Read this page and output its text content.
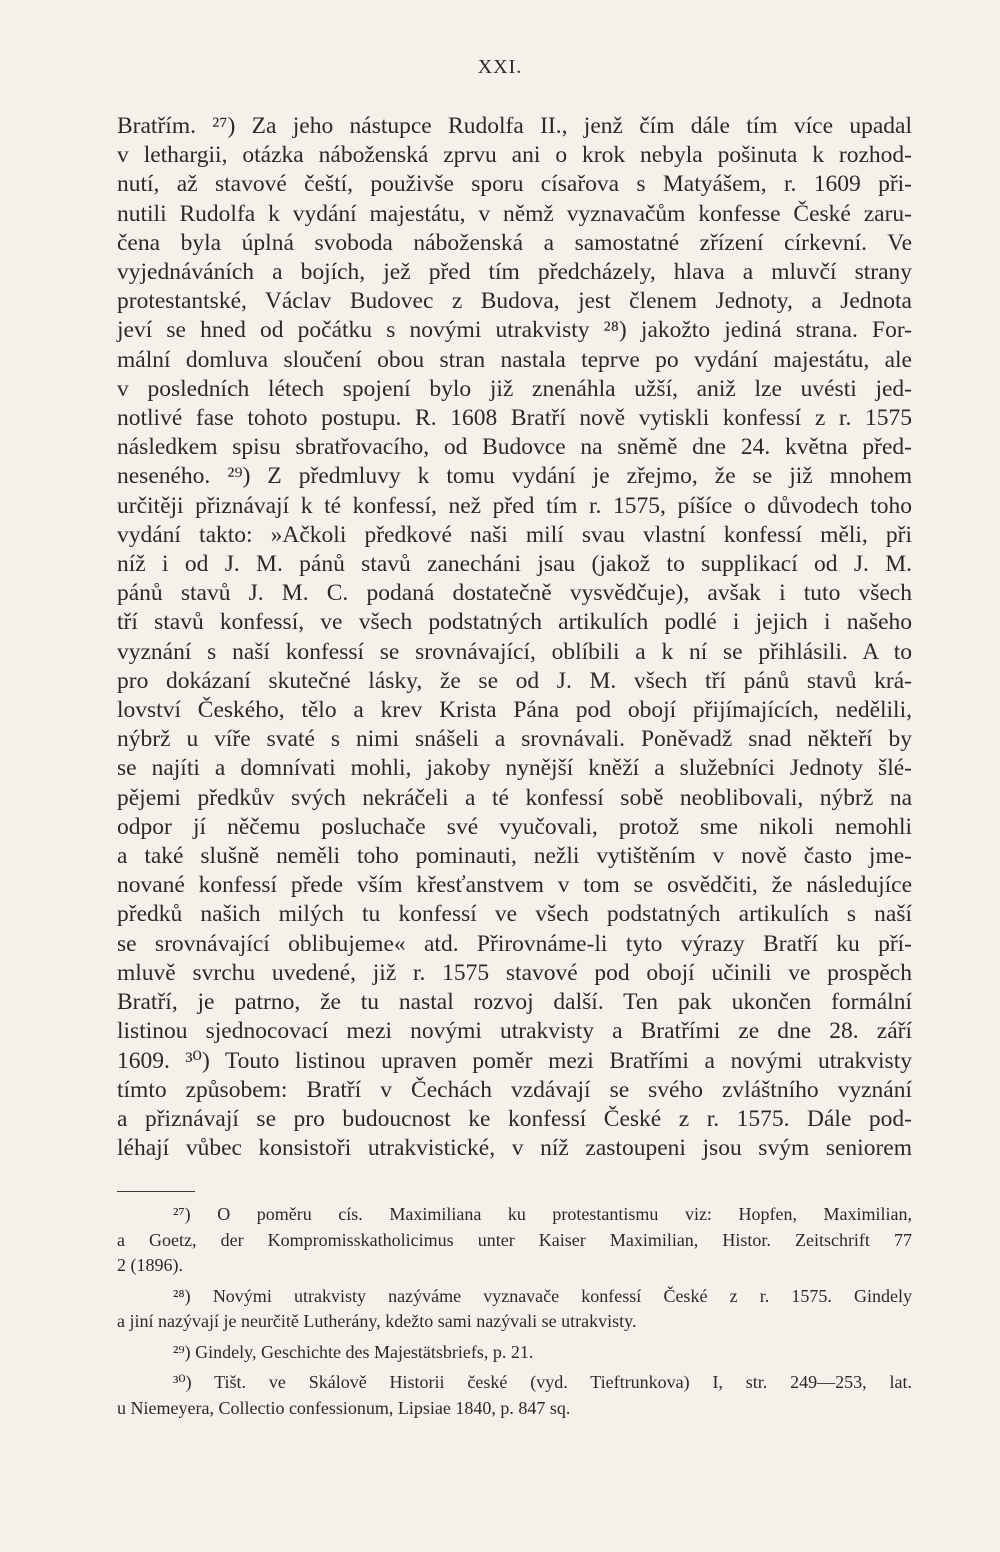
XXI.
Bratřím. ²⁷) Za jeho nástupce Rudolfa II., jenž čím dále tím více upadal
v lethargii, otázka náboženská zprvu ani o krok nebyla pošinuta k rozhod-
nutí, až stavové čeští, použivše sporu císařova s Matyášem, r. 1609 při-
nutili Rudolfa k vydání majestátu, v němž vyznavačům konfesse České zaru-
čena byla úplná svoboda náboženská a samostatné zřízení církevní. Ve
vyjednáváních a bojích, jež před tím předcházely, hlava a mluvčí strany
protestantské, Václav Budovec z Budova, jest členem Jednoty, a Jednota
jeví se hned od počátku s novými utrakvisty ²⁸) jakožto jediná strana. For-
mální domluva sloučení obou stran nastala teprve po vydání majestátu, ale
v posledních létech spojení bylo již znenáhla užší, aniž lze uvésti jed-
notlivé fase tohoto postupu. R. 1608 Bratří nově vytiskli konfessí z r. 1575
následkem spisu sbratřovacího, od Budovce na sněmě dne 24. května před-
neseného. ²⁹) Z předmluvy k tomu vydání je zřejmo, že se již mnohem
určitěji přiznávají k té konfessí, než před tím r. 1575, píšíce o důvodech toho
vydání takto: »Ačkoli předkové naši milí svau vlastní konfessí měli, při
níž i od J. M. pánů stavů zanecháni jsau (jakož to supplikací od J. M.
pánů stavů J. M. C. podaná dostatečně vysvědčuje), avšak i tuto všech
tří stavů konfessí, ve všech podstatných artikulích podlé i jejich i našeho
vyznání s naší konfessí se srovnávající, oblíbili a k ní se přihlásili. A to
pro dokázaní skutečné lásky, že se od J. M. všech tří pánů stavů krá-
lovství Českého, tělo a krev Krista Pána pod obojí přijímajících, nedělili,
nýbrž u víře svaté s nimi snášeli a srovnávali. Poněvadž snad někteří by
se najíti a domnívati mohli, jakoby nynější kněží a služebníci Jednoty šlé-
pějemi předkův svých nekráčeli a té konfessí sobě neoblibovali, nýbrž na
odpor jí něčemu posluchače své vyučovali, protož sme nikoli nemohli
a také slušně neměli toho pominauti, nežli vytištěním v nově často jme-
nované konfessí přede vším křesťanstvem v tom se osvědčiti, že následujíce
předků našich milých tu konfessí ve všech podstatných artikulích s naší
se srovnávající oblibujeme« atd. Přirovnáme-li tyto výrazy Bratří ku pří-
mluvě svrchu uvedené, již r. 1575 stavové pod obojí učinili ve prospěch
Bratří, je patrno, že tu nastal rozvoj další. Ten pak ukončen formální
listinou sjednocovací mezi novými utrakvisty a Bratřími ze dne 28. září
1609. ³⁰) Touto listinou upraven poměr mezi Bratřími a novými utrakvisty
tímto způsobem: Bratří v Čechách vzdávají se svého zvláštního vyznání
a přiznávají se pro budoucnost ke konfessí České z r. 1575. Dále pod-
léhají vůbec konsistoři utrakvistické, v níž zastoupeni jsou svým seniorem
²⁷) O poměru cís. Maximiliana ku protestantismu viz: Hopfen, Maximilian,
a Goetz, der Kompromisskatholicimus unter Kaiser Maximilian, Histor. Zeitschrift 77
2 (1896).
²⁸) Novými utrakvisty nazýváme vyznavače konfessí České z r. 1575. Gindely
a jiní nazývají je neurčitě Lutherány, kdežto sami nazývali se utrakvisty.
²⁹) Gindely, Geschichte des Majestätsbriefs, p. 21.
³⁰) Tišt. ve Skálově Historii české (vyd. Tieftrunkova) I, str. 249—253, lat.
u Niemeyera, Collectio confessionum, Lipsiae 1840, p. 847 sq.
